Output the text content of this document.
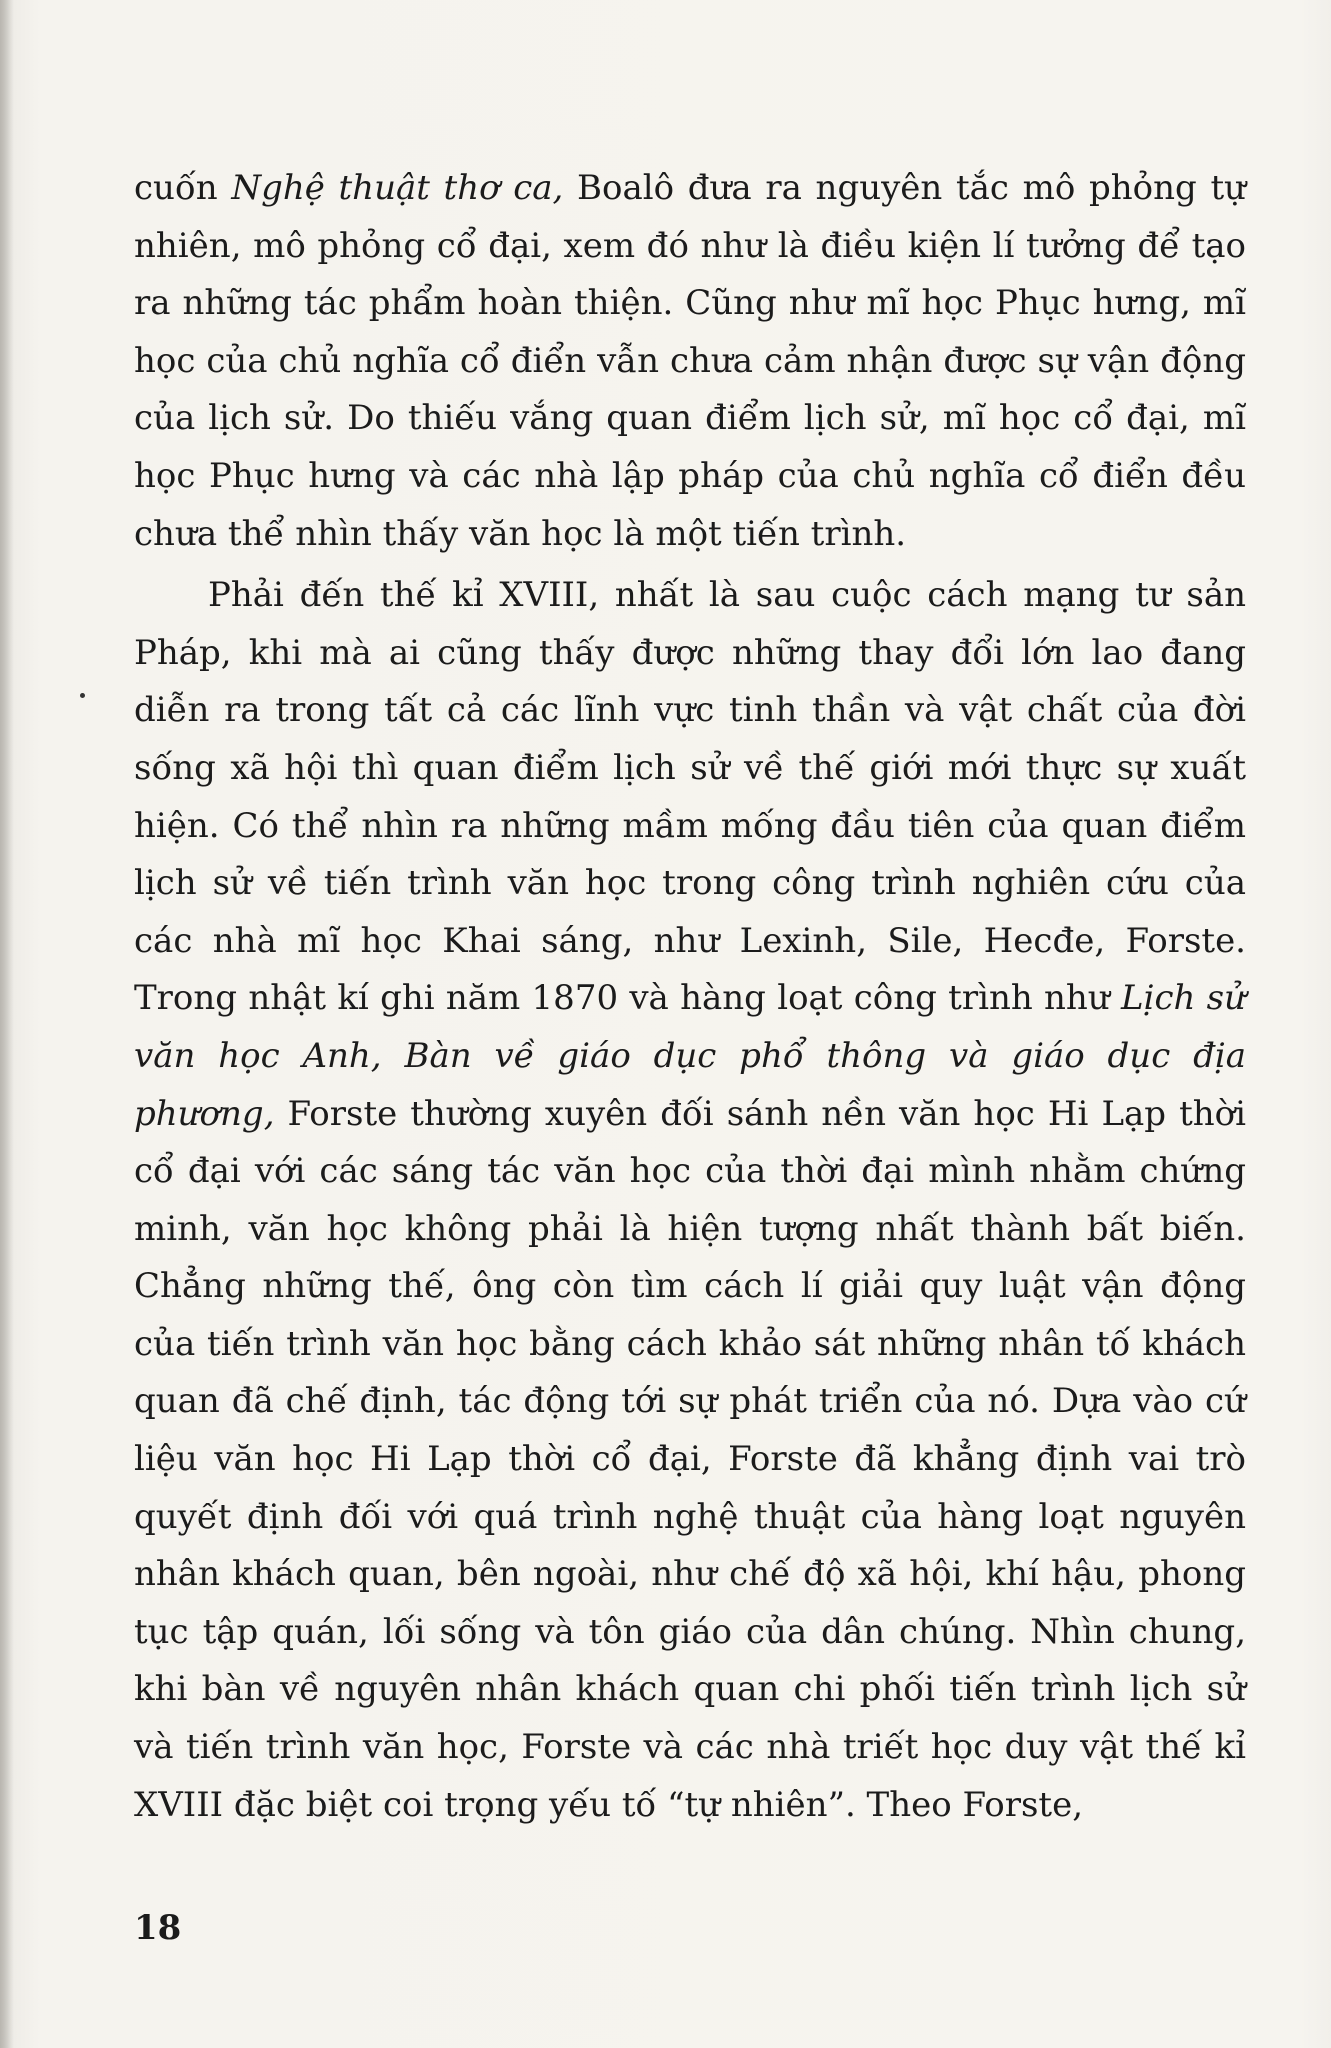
cuốn Nghệ thuật thơ ca, Boalô đưa ra nguyên tắc mô phỏng tự nhiên, mô phỏng cổ đại, xem đó như là điều kiện lí tưởng để tạo ra những tác phẩm hoàn thiện. Cũng như mĩ học Phục hưng, mĩ học của chủ nghĩa cổ điển vẫn chưa cảm nhận được sự vận động của lịch sử. Do thiếu vắng quan điểm lịch sử, mĩ học cổ đại, mĩ học Phục hưng và các nhà lập pháp của chủ nghĩa cổ điển đều chưa thể nhìn thấy văn học là một tiến trình.

Phải đến thế kỉ XVIII, nhất là sau cuộc cách mạng tư sản Pháp, khi mà ai cũng thấy được những thay đổi lớn lao đang diễn ra trong tất cả các lĩnh vực tinh thần và vật chất của đời sống xã hội thì quan điểm lịch sử về thế giới mới thực sự xuất hiện. Có thể nhìn ra những mầm mống đầu tiên của quan điểm lịch sử về tiến trình văn học trong công trình nghiên cứu của các nhà mĩ học Khai sáng, như Lexinh, Sile, Hecđe, Forste. Trong nhật kí ghi năm 1870 và hàng loạt công trình như Lịch sử văn học Anh, Bàn về giáo dục phổ thông và giáo dục địa phương, Forste thường xuyên đối sánh nền văn học Hi Lạp thời cổ đại với các sáng tác văn học của thời đại mình nhằm chứng minh, văn học không phải là hiện tượng nhất thành bất biến. Chẳng những thế, ông còn tìm cách lí giải quy luật vận động của tiến trình văn học bằng cách khảo sát những nhân tố khách quan đã chế định, tác động tới sự phát triển của nó. Dựa vào cứ liệu văn học Hi Lạp thời cổ đại, Forste đã khẳng định vai trò quyết định đối với quá trình nghệ thuật của hàng loạt nguyên nhân khách quan, bên ngoài, như chế độ xã hội, khí hậu, phong tục tập quán, lối sống và tôn giáo của dân chúng. Nhìn chung, khi bàn về nguyên nhân khách quan chi phối tiến trình lịch sử và tiến trình văn học, Forste và các nhà triết học duy vật thế kỉ XVIII đặc biệt coi trọng yếu tố “tự nhiên”. Theo Forste,

18
